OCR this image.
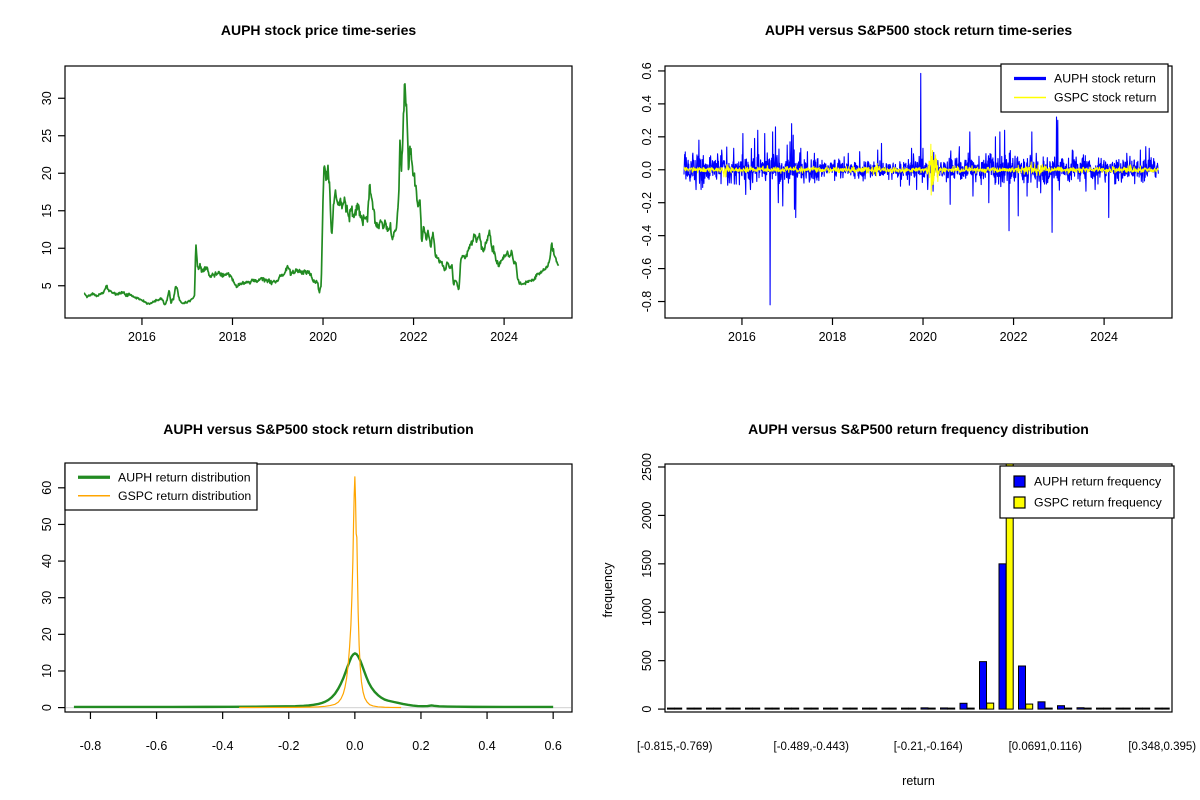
5
10
15
20
25
30
2016	2018	2020	2022	2024
-0.8
-0.6
-0.4
-0.2
0.0
0.2
0.4
0.6
2016	2018	2020	2022	2024
AUPH stock return
GSPC stock return
0
10
20
30
40
50
60
-0.8	-0.6	-0.4	-0.2	0.0	0.2	0.4	0.6
AUPH return distribution
GSPC return distribution
0
500
1000
1500
2000
2500
[-0.815,-0.769)	[-0.489,-0.443)	[-0.21,-0.164)	[0.0691,0.116)	[0.348,0.395)
AUPH return frequency
GSPC return frequency
AUPH stock price time-series	AUPH versus S&P500 stock return time-series
AUPH versus S&P500 stock return distribution	AUPH versus S&P500 return frequency distribution
frequency
return
